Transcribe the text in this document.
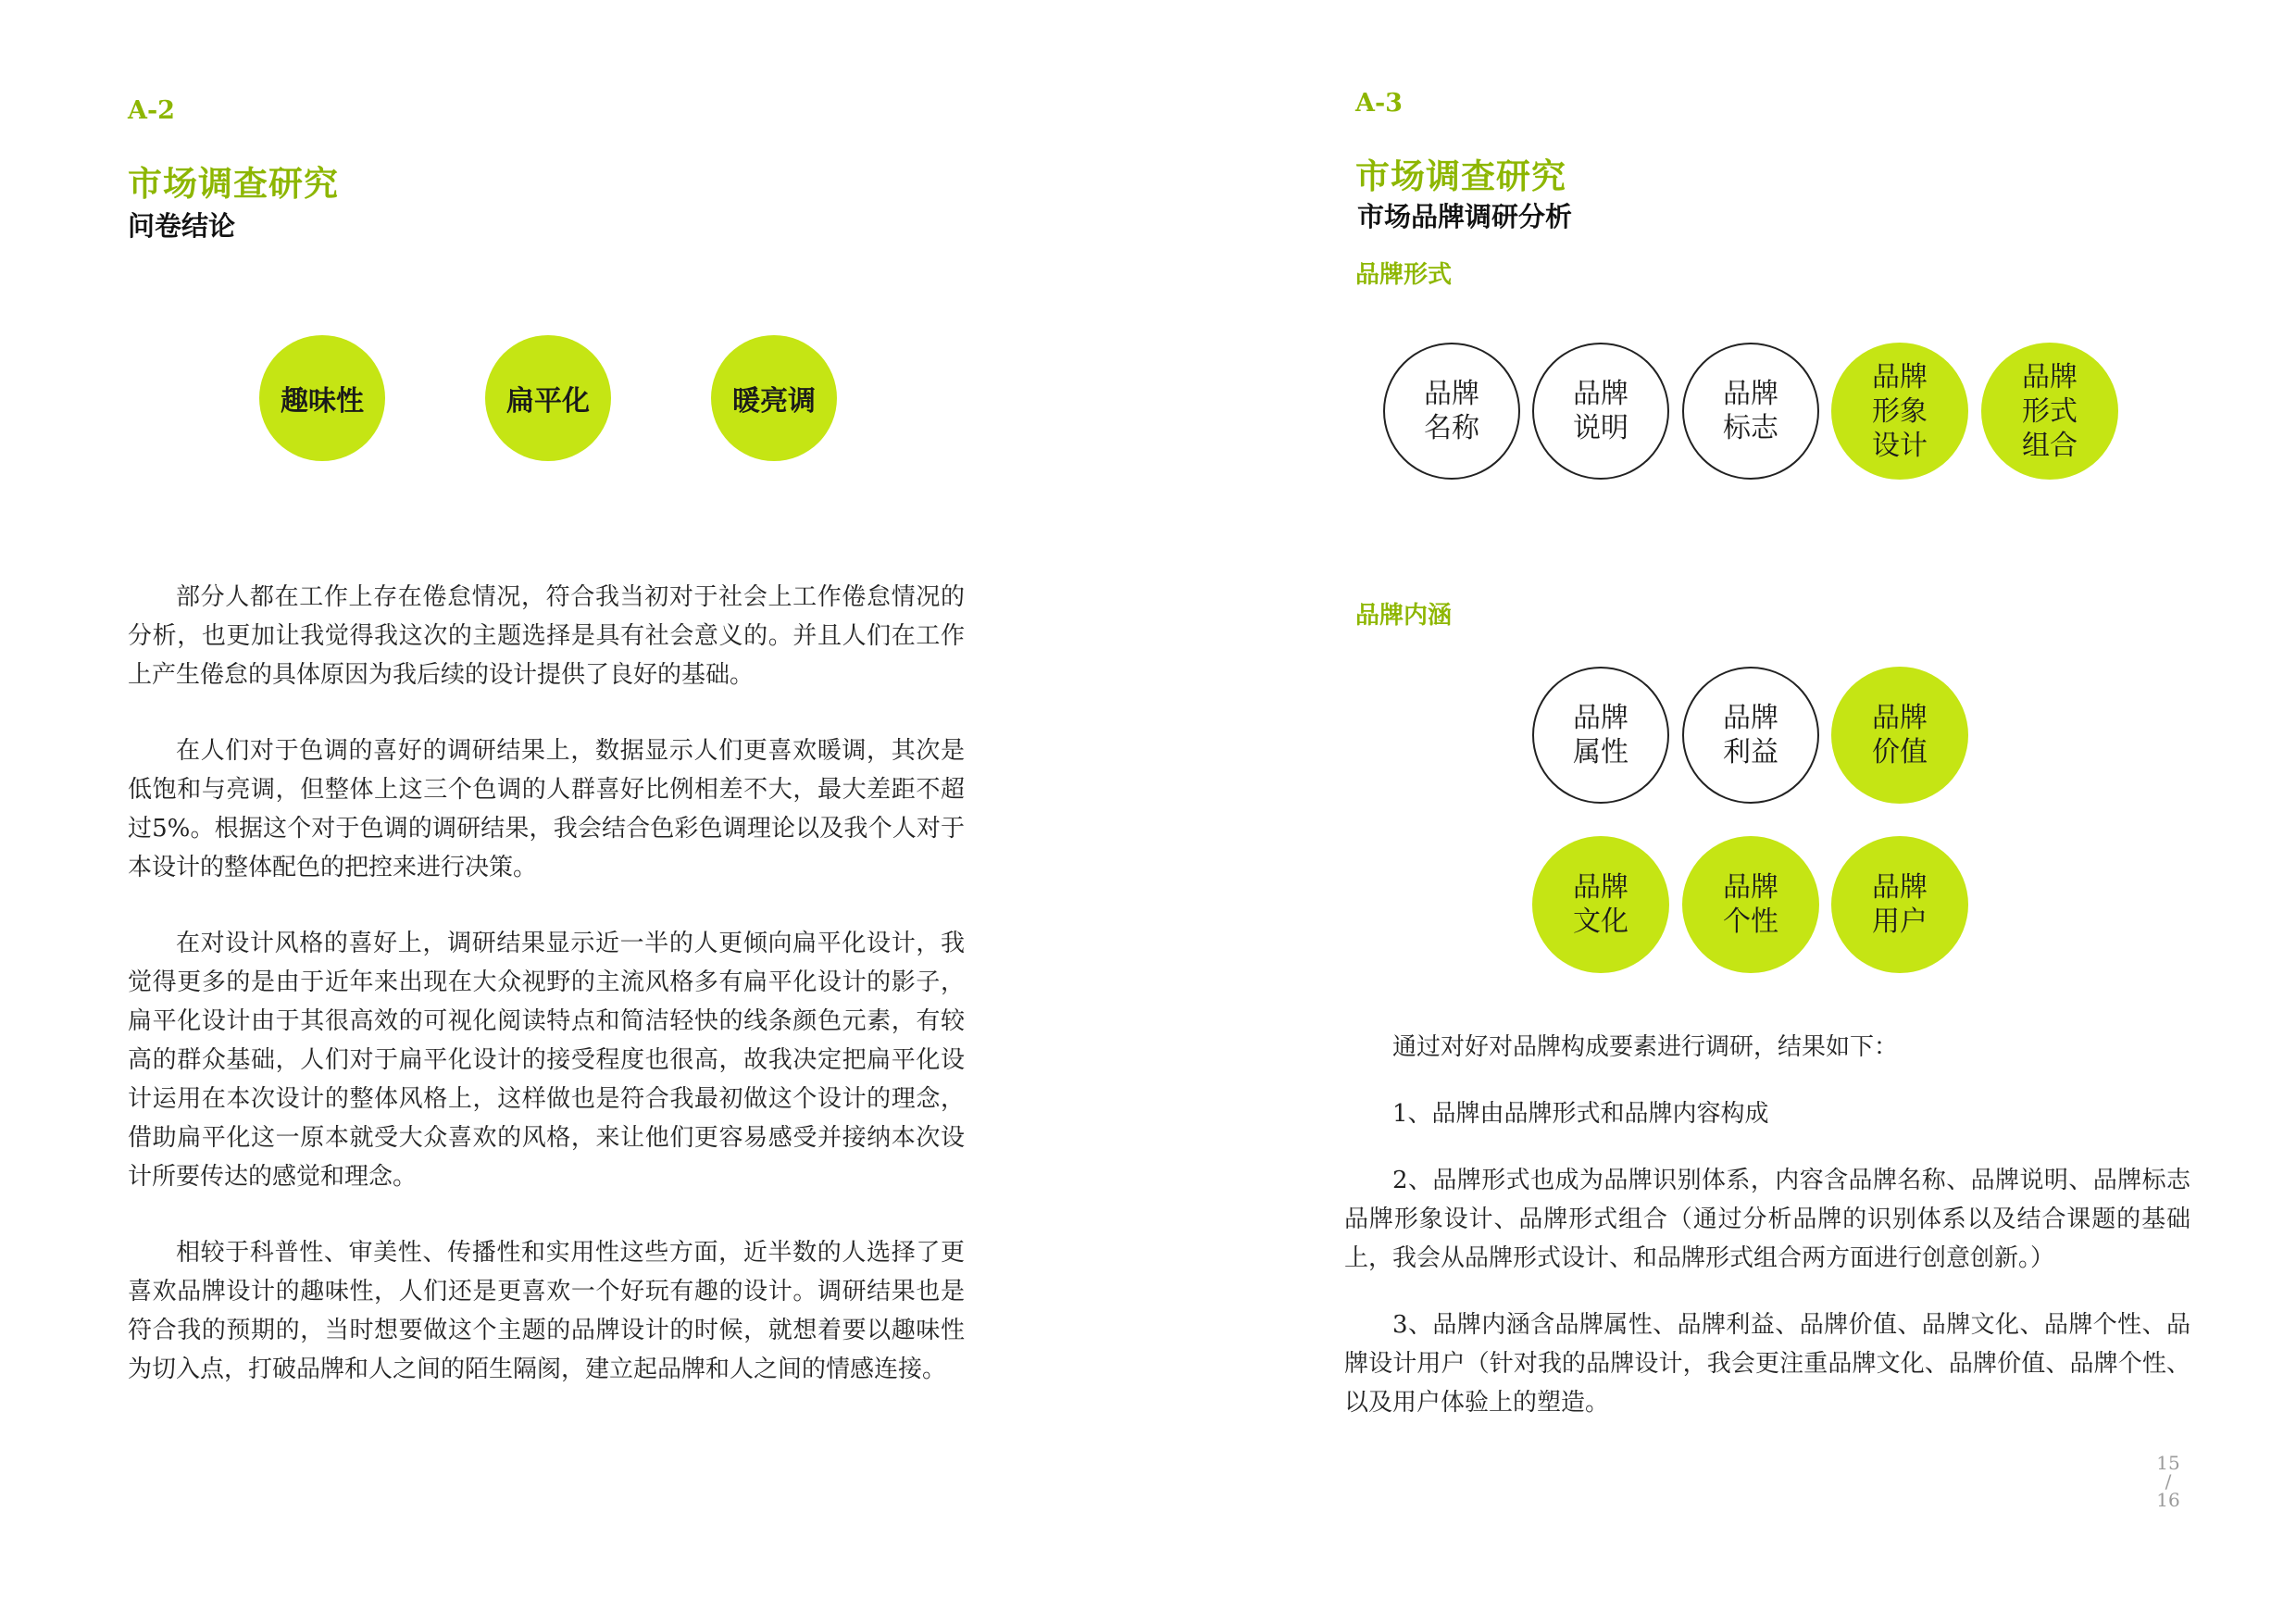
A-2
市场调查研究
问卷结论
趣味性	扁平化	暖亮调

部分人都在工作上存在倦怠情况，符合我当初对于社会上工作倦怠情况的分析，也更加让我觉得我这次的主题选择是具有社会意义的。并且人们在工作上产生倦怠的具体原因为我后续的设计提供了良好的基础。

在人们对于色调的喜好的调研结果上，数据显示人们更喜欢暖调，其次是低饱和与亮调，但整体上这三个色调的人群喜好比例相差不大，最大差距不超过5%。根据这个对于色调的调研结果，我会结合色彩色调理论以及我个人对于本设计的整体配色的把控来进行决策。

在对设计风格的喜好上，调研结果显示近一半的人更倾向扁平化设计，我觉得更多的是由于近年来出现在大众视野的主流风格多有扁平化设计的影子，扁平化设计由于其很高效的可视化阅读特点和简洁轻快的线条颜色元素，有较高的群众基础，人们对于扁平化设计的接受程度也很高，故我决定把扁平化设计运用在本次设计的整体风格上，这样做也是符合我最初做这个设计的理念，借助扁平化这一原本就受大众喜欢的风格，来让他们更容易感受并接纳本次设计所要传达的感觉和理念。

相较于科普性、审美性、传播性和实用性这些方面，近半数的人选择了更喜欢品牌设计的趣味性，人们还是更喜欢一个好玩有趣的设计。调研结果也是符合我的预期的，当时想要做这个主题的品牌设计的时候，就想着要以趣味性为切入点，打破品牌和人之间的陌生隔阂，建立起品牌和人之间的情感连接。

A-3
市场调查研究
市场品牌调研分析
品牌形式
品牌
名称
品牌
说明
品牌
标志
品牌
形象
设计
品牌
形式
组合
品牌内涵
品牌
属性
品牌
利益
品牌
价值
品牌
文化
品牌
个性
品牌
用户

通过对好对品牌构成要素进行调研，结果如下：

1、品牌由品牌形式和品牌内容构成

2、品牌形式也成为品牌识别体系，内容含品牌名称、品牌说明、品牌标志品牌形象设计、品牌形式组合（通过分析品牌的识别体系以及结合课题的基础上，我会从品牌形式设计、和品牌形式组合两方面进行创意创新。）

3、品牌内涵含品牌属性、品牌利益、品牌价值、品牌文化、品牌个性、品牌设计用户（针对我的品牌设计，我会更注重品牌文化、品牌价值、品牌个性、以及用户体验上的塑造。

15
/
16
